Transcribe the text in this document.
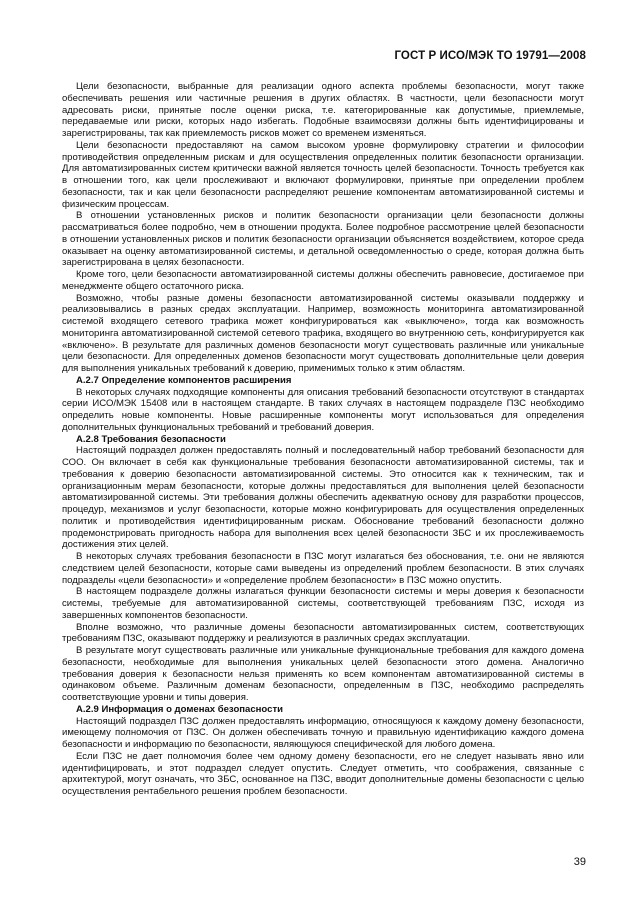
ГОСТ Р ИСО/МЭК ТО 19791—2008

Цели безопасности, выбранные для реализации одного аспекта проблемы безопасности, могут также обеспечивать решения или частичные решения в других областях. В частности, цели безопасности могут адресовать риски, принятые после оценки риска, т.е. категорированные как допустимые, приемлемые, передаваемые или риски, которых надо избегать. Подобные взаимосвязи должны быть идентифицированы и зарегистрированы, так как приемлемость рисков может со временем изменяться.

Цели безопасности предоставляют на самом высоком уровне формулировку стратегии и философии противодействия определенным рискам и для осуществления определенных политик безопасности организации. Для автоматизированных систем критически важной является точность целей безопасности. Точность требуется как в отношении того, как цели прослеживают и включают формулировки, принятые при определении проблем безопасности, так и как цели безопасности распределяют решение компонентам автоматизированной системы и физическим процессам.

В отношении установленных рисков и политик безопасности организации цели безопасности должны рассматриваться более подробно, чем в отношении продукта. Более подробное рассмотрение целей безопасности в отношении установленных рисков и политик безопасности организации объясняется воздействием, которое среда оказывает на оценку автоматизированной системы, и детальной осведомленностью о среде, которая должна быть зарегистрирована в целях безопасности.

Кроме того, цели безопасности автоматизированной системы должны обеспечить равновесие, достигаемое при менеджменте общего остаточного риска.

Возможно, чтобы разные домены безопасности автоматизированной системы оказывали поддержку и реализовывались в разных средах эксплуатации. Например, возможность мониторинга автоматизированной системой входящего сетевого трафика может конфигурироваться как «выключено», тогда как возможность мониторинга автоматизированной системой сетевого трафика, входящего во внутреннюю сеть, конфигурируется как «включено». В результате для различных доменов безопасности могут существовать различные или уникальные цели безопасности. Для определенных доменов безопасности могут существовать дополнительные цели доверия для выполнения уникальных требований к доверию, применимых только к этим областям.

А.2.7 Определение компонентов расширения

В некоторых случаях подходящие компоненты для описания требований безопасности отсутствуют в стандартах серии ИСО/МЭК 15408 или в настоящем стандарте. В таких случаях в настоящем подразделе ПЗС необходимо определить новые компоненты. Новые расширенные компоненты могут использоваться для определения дополнительных функциональных требований и требований доверия.

А.2.8 Требования безопасности

Настоящий подраздел должен предоставлять полный и последовательный набор требований безопасности для СОО. Он включает в себя как функциональные требования безопасности автоматизированной системы, так и требования к доверию безопасности автоматизированной системы. Это относится как к техническим, так и организационным мерам безопасности, которые должны предоставляться для выполнения целей безопасности автоматизированной системы. Эти требования должны обеспечить адекватную основу для разработки процессов, процедур, механизмов и услуг безопасности, которые можно конфигурировать для осуществления определенных политик и противодействия идентифицированным рискам. Обоснование требований безопасности должно продемонстрировать пригодность набора для выполнения всех целей безопасности ЗБС и их прослеживаемость достижения этих целей.

В некоторых случаях требования безопасности в ПЗС могут излагаться без обоснования, т.е. они не являются следствием целей безопасности, которые сами выведены из определений проблем безопасности. В этих случаях подразделы «цели безопасности» и «определение проблем безопасности» в ПЗС можно опустить.

В настоящем подразделе должны излагаться функции безопасности системы и меры доверия к безопасности системы, требуемые для автоматизированной системы, соответствующей требованиям ПЗС, исходя из завершенных компонентов безопасности.

Вполне возможно, что различные домены безопасности автоматизированных систем, соответствующих требованиям ПЗС, оказывают поддержку и реализуются в различных средах эксплуатации.

В результате могут существовать различные или уникальные функциональные требования для каждого домена безопасности, необходимые для выполнения уникальных целей безопасности этого домена. Аналогично требования доверия к безопасности нельзя применять ко всем компонентам автоматизированной системы в одинаковом объеме. Различным доменам безопасности, определенным в ПЗС, необходимо распределять соответствующие уровни и типы доверия.

А.2.9 Информация о доменах безопасности

Настоящий подраздел ПЗС должен предоставлять информацию, относящуюся к каждому домену безопасности, имеющему полномочия от ПЗС. Он должен обеспечивать точную и правильную идентификацию каждого домена безопасности и информацию по безопасности, являющуюся специфической для любого домена.

Если ПЗС не дает полномочия более чем одному домену безопасности, его не следует называть явно или идентифицировать, и этот подраздел следует опустить. Следует отметить, что соображения, связанные с архитектурой, могут означать, что ЗБС, основанное на ПЗС, вводит дополнительные домены безопасности с целью осуществления рентабельного решения проблем безопасности.

39
